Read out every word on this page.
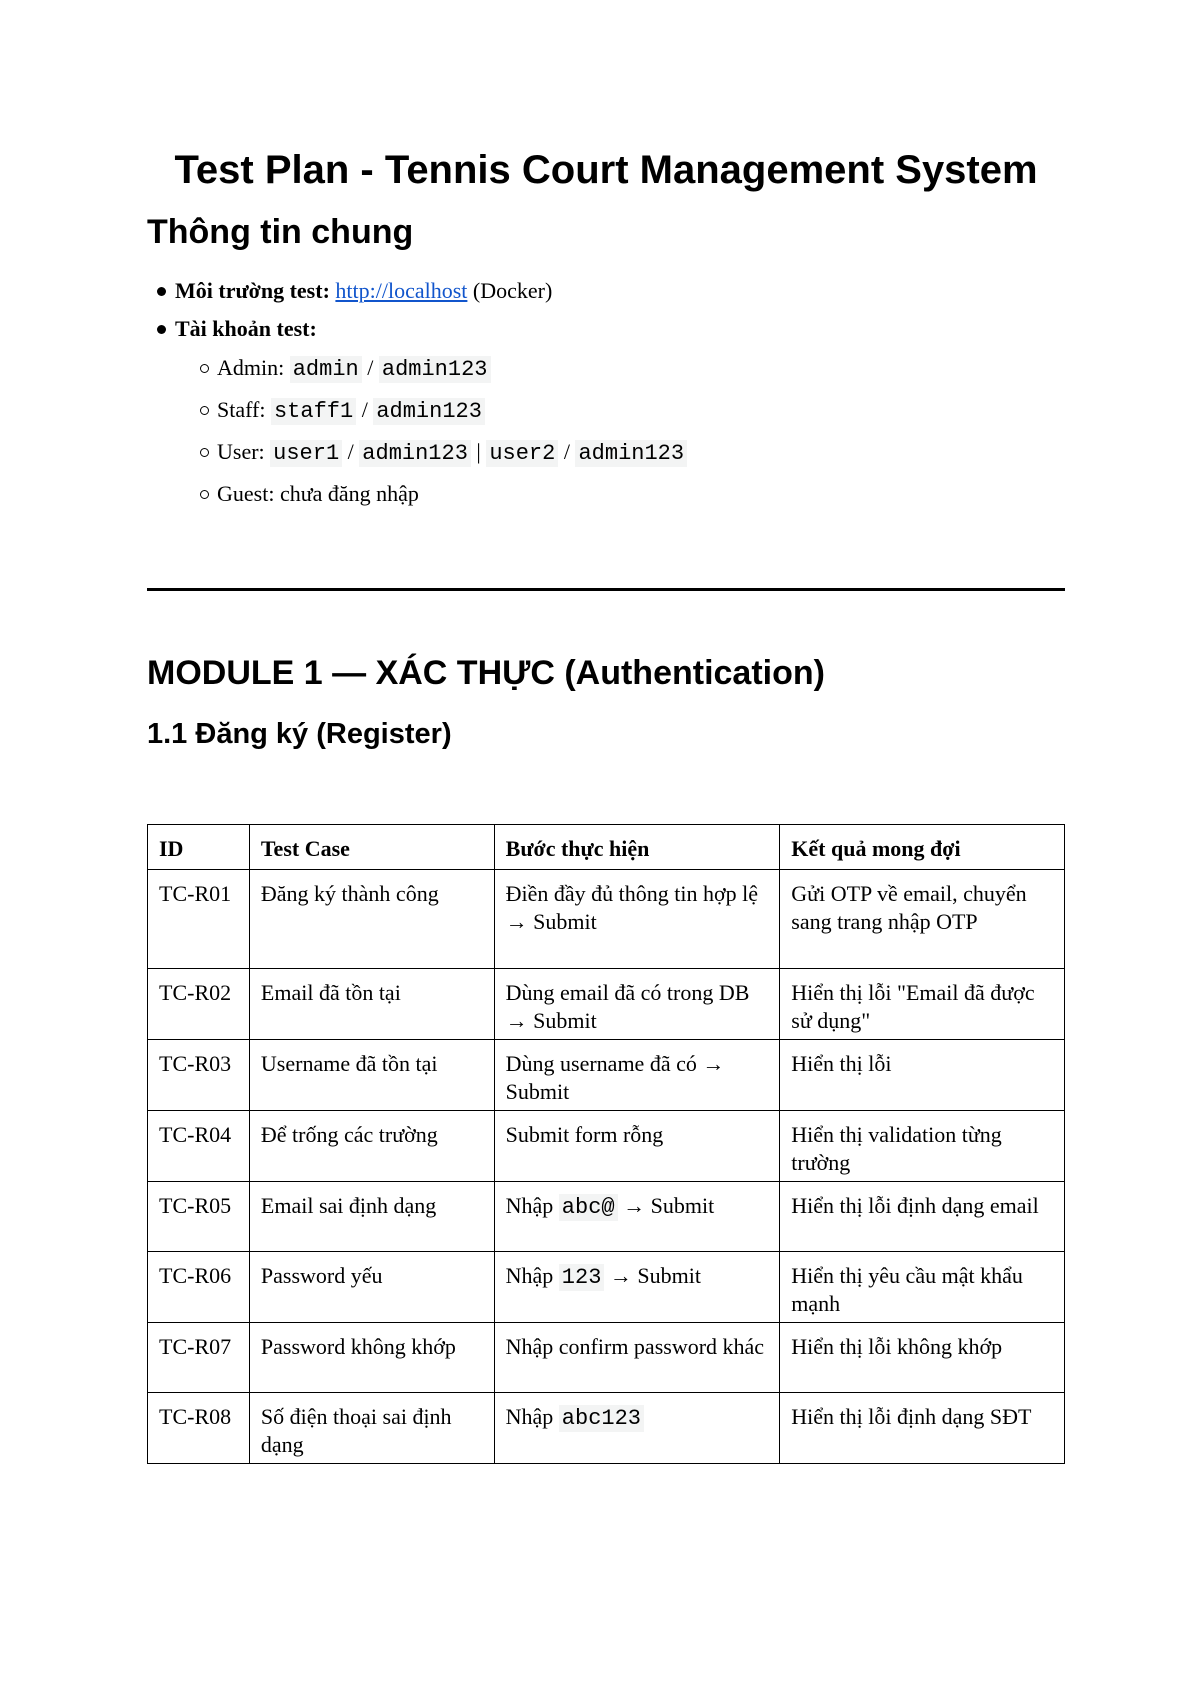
Test Plan - Tennis Court Management System
Thông tin chung
Môi trường test: http://localhost (Docker)
Tài khoản test:
Admin: admin / admin123
Staff: staff1 / admin123
User: user1 / admin123 | user2 / admin123
Guest: chưa đăng nhập
MODULE 1 — XÁC THỰC (Authentication)
1.1 Đăng ký (Register)
ID	Test Case	Bước thực hiện	Kết quả mong đợi
TC-R01	Đăng ký thành công	Điền đầy đủ thông tin hợp lệ → Submit	Gửi OTP về email, chuyển sang trang nhập OTP
TC-R02	Email đã tồn tại	Dùng email đã có trong DB → Submit	Hiển thị lỗi "Email đã được sử dụng"
TC-R03	Username đã tồn tại	Dùng username đã có → Submit	Hiển thị lỗi
TC-R04	Để trống các trường	Submit form rỗng	Hiển thị validation từng trường
TC-R05	Email sai định dạng	Nhập abc@ → Submit	Hiển thị lỗi định dạng email
TC-R06	Password yếu	Nhập 123 → Submit	Hiển thị yêu cầu mật khẩu mạnh
TC-R07	Password không khớp	Nhập confirm password khác	Hiển thị lỗi không khớp
TC-R08	Số điện thoại sai định dạng	Nhập abc123	Hiển thị lỗi định dạng SĐT
